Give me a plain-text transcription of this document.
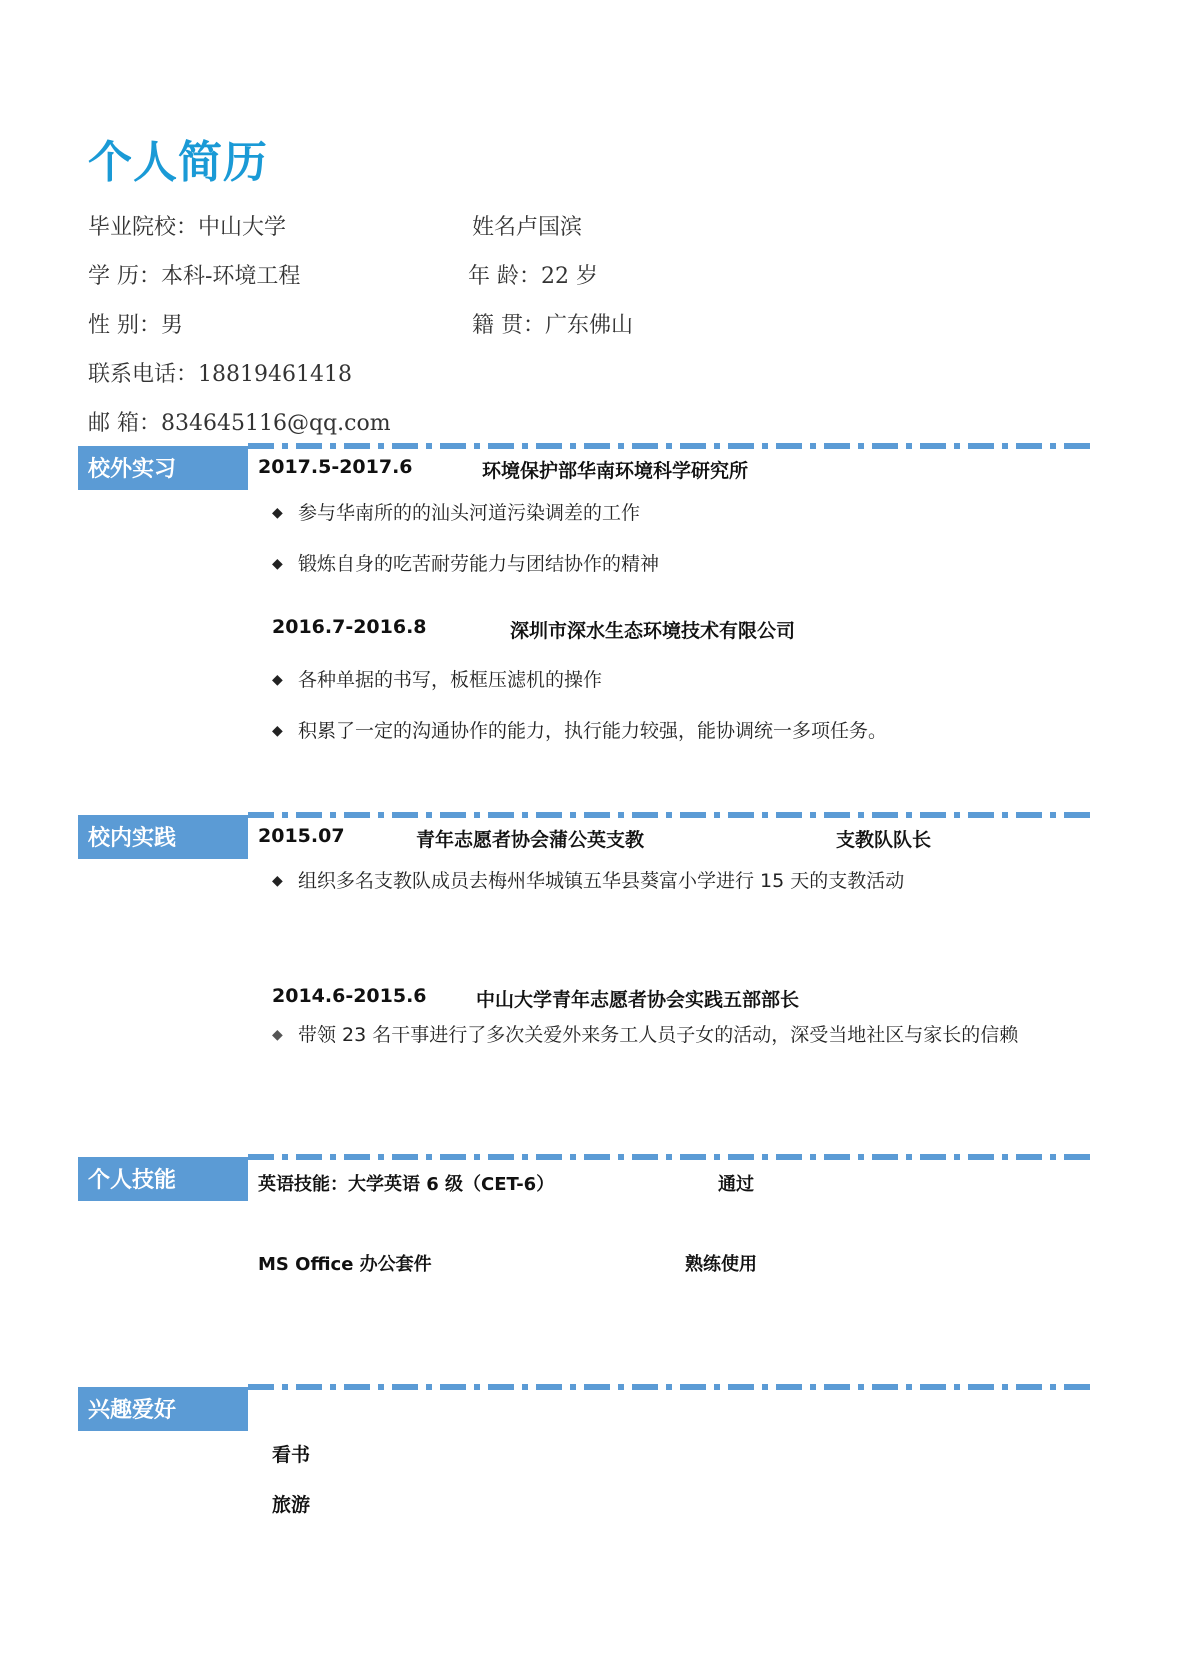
个人简历
毕业院校：中山大学	姓名卢国滨
学 历：本科-环境工程	年 龄：22 岁
性 别：男	籍 贯：广东佛山
联系电话：18819461418
邮 箱：834645116@qq.com
校外实习	2017.5-2017.6	环境保护部华南环境科学研究所
◆ 参与华南所的的汕头河道污染调差的工作
◆ 锻炼自身的吃苦耐劳能力与团结协作的精神
2016.7-2016.8	深圳市深水生态环境技术有限公司
◆ 各种单据的书写，板框压滤机的操作
◆ 积累了一定的沟通协作的能力，执行能力较强，能协调统一多项任务。
校内实践	2015.07	青年志愿者协会蒲公英支教	支教队队长
◆ 组织多名支教队成员去梅州华城镇五华县葵富小学进行 15 天的支教活动
2014.6-2015.6	中山大学青年志愿者协会实践五部部长
◆ 带领 23 名干事进行了多次关爱外来务工人员子女的活动，深受当地社区与家长的信赖
个人技能	英语技能：大学英语 6 级（CET-6）	通过
MS Office 办公套件	熟练使用
兴趣爱好
看书
旅游
